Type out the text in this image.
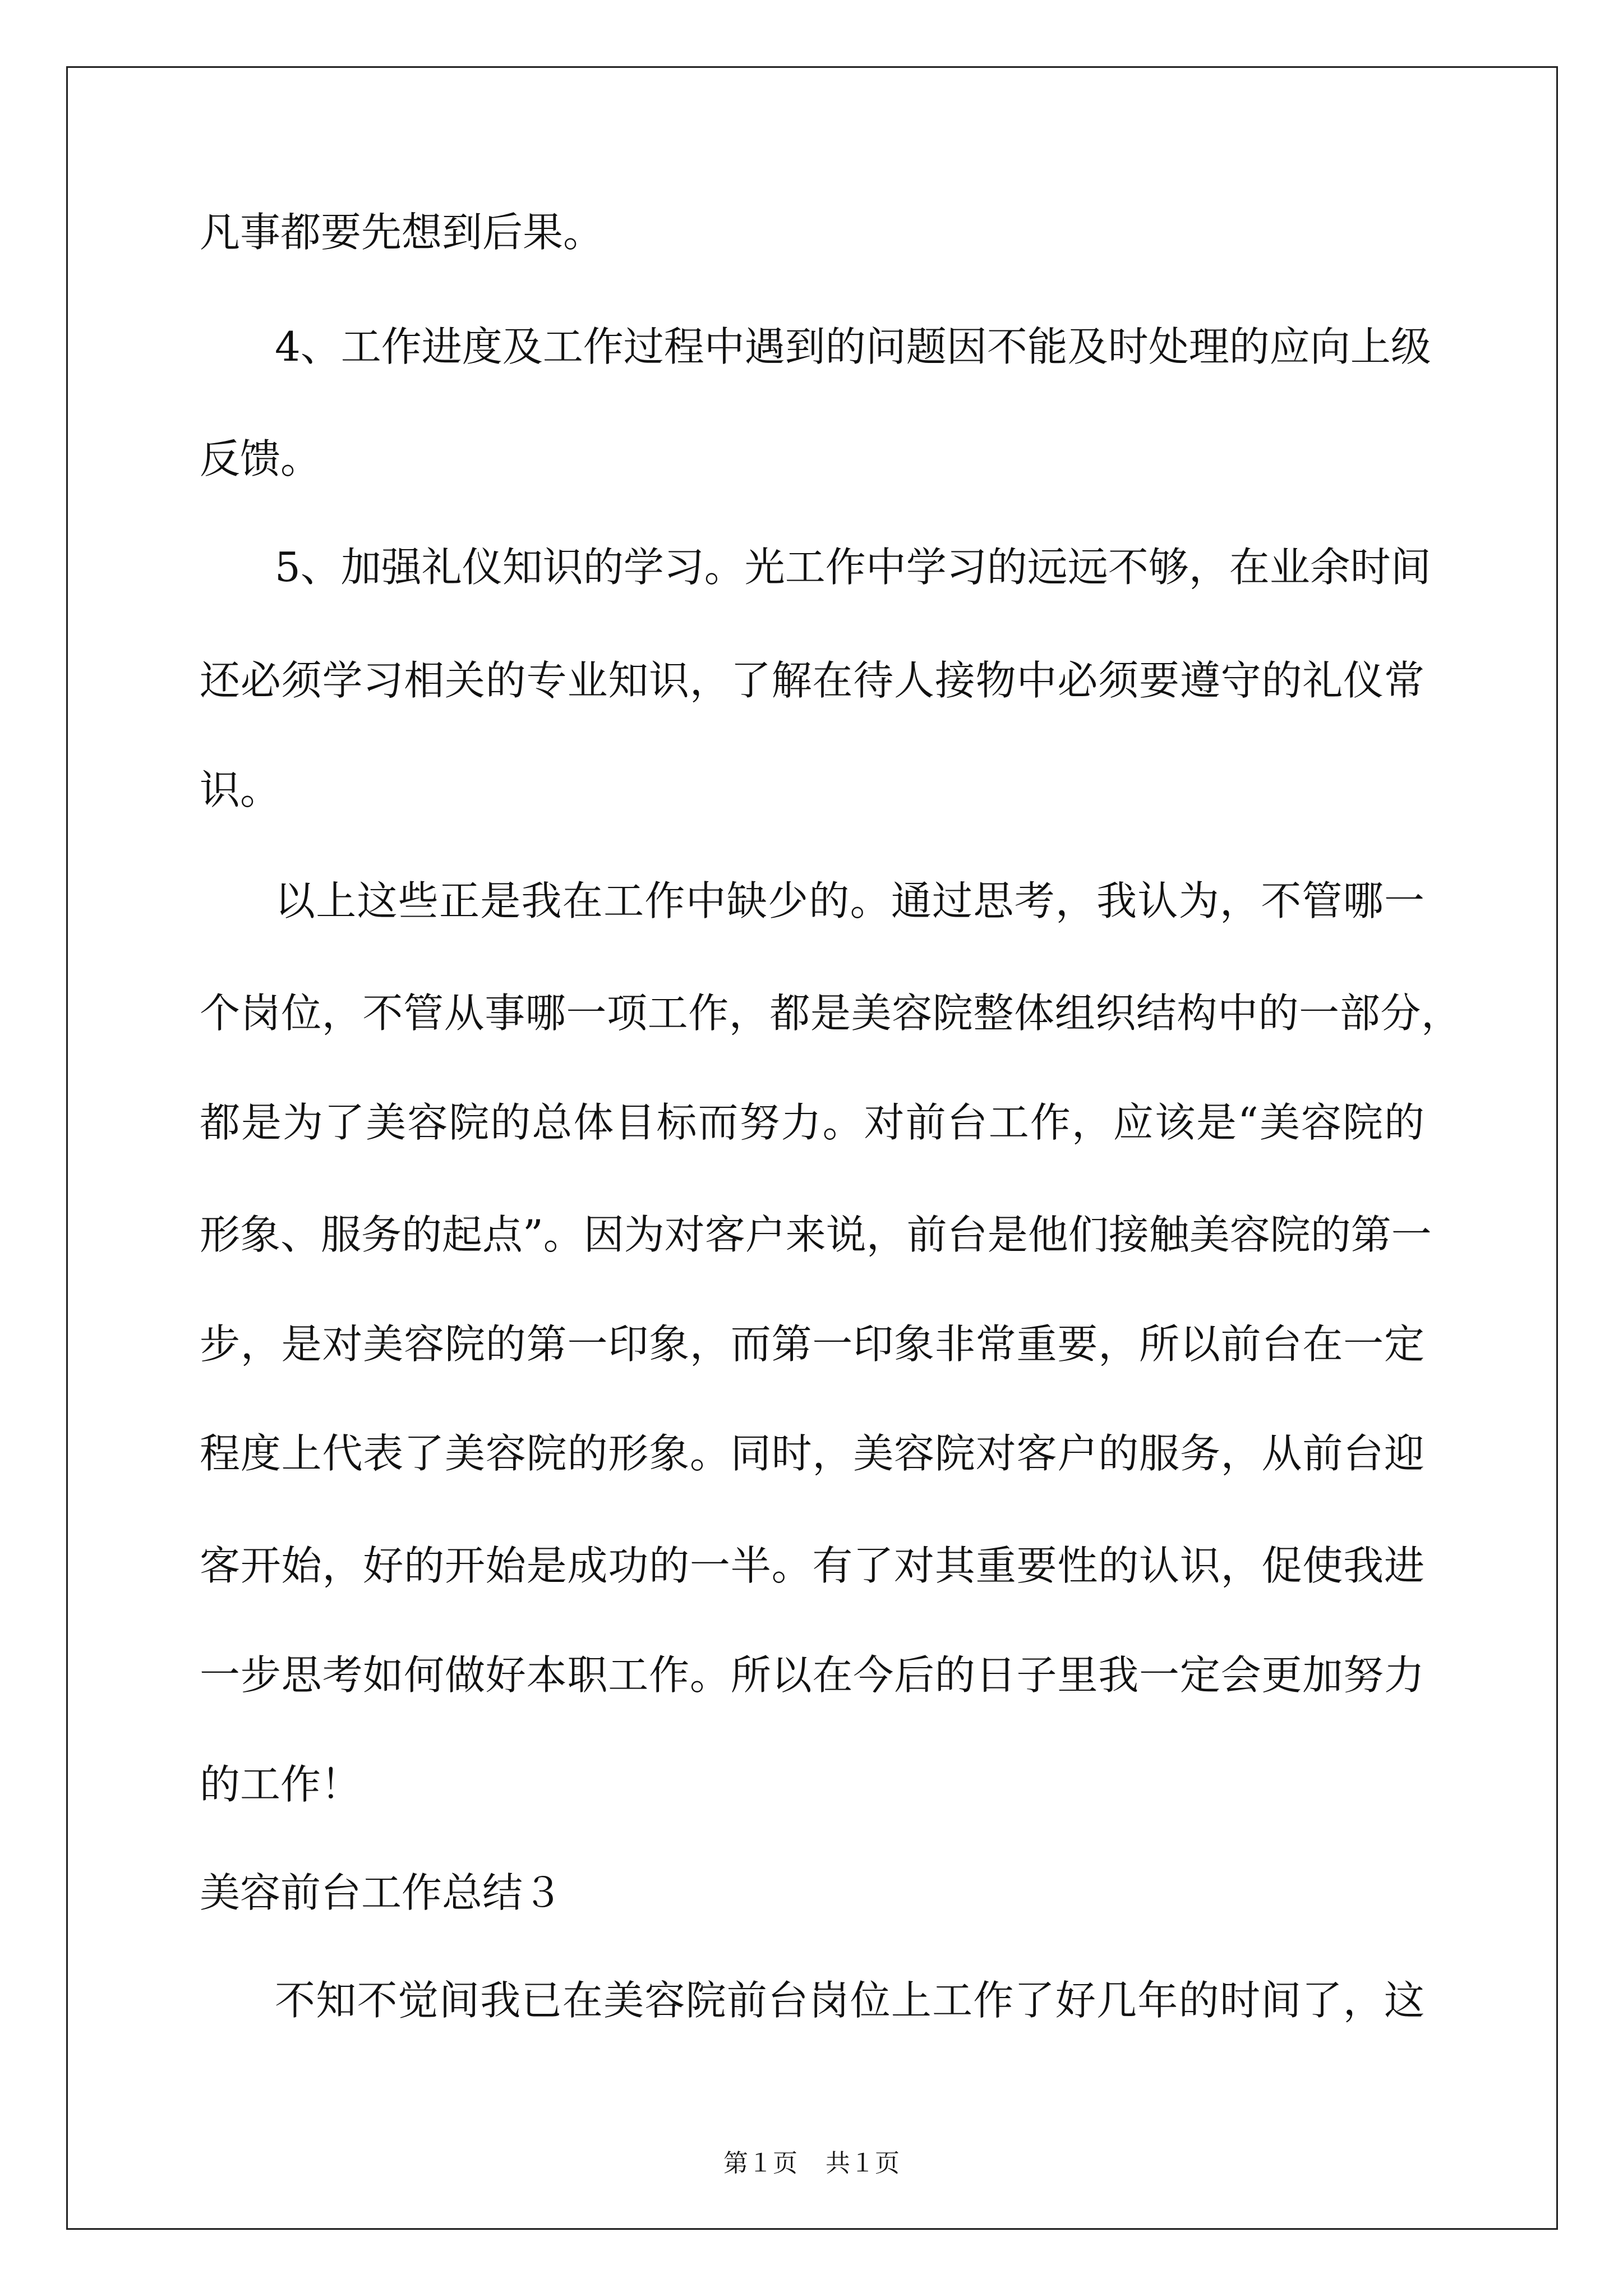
凡事都要先想到后果。
4、工作进度及工作过程中遇到的问题因不能及时处理的应向上级
反馈。
5、加强礼仪知识的学习。光工作中学习的远远不够，在业余时间
还必须学习相关的专业知识，了解在待人接物中必须要遵守的礼仪常
识。
以上这些正是我在工作中缺少的。通过思考，我认为，不管哪一
个岗位，不管从事哪一项工作，都是美容院整体组织结构中的一部分，
都是为了美容院的总体目标而努力。对前台工作，应该是“美容院的
形象、服务的起点”。因为对客户来说，前台是他们接触美容院的第一
步，是对美容院的第一印象，而第一印象非常重要，所以前台在一定
程度上代表了美容院的形象。同时，美容院对客户的服务，从前台迎
客开始，好的开始是成功的一半。有了对其重要性的认识，促使我进
一步思考如何做好本职工作。所以在今后的日子里我一定会更加努力
的工作！
美容前台工作总结３
不知不觉间我已在美容院前台岗位上工作了好几年的时间了，这
第１页 共１页
